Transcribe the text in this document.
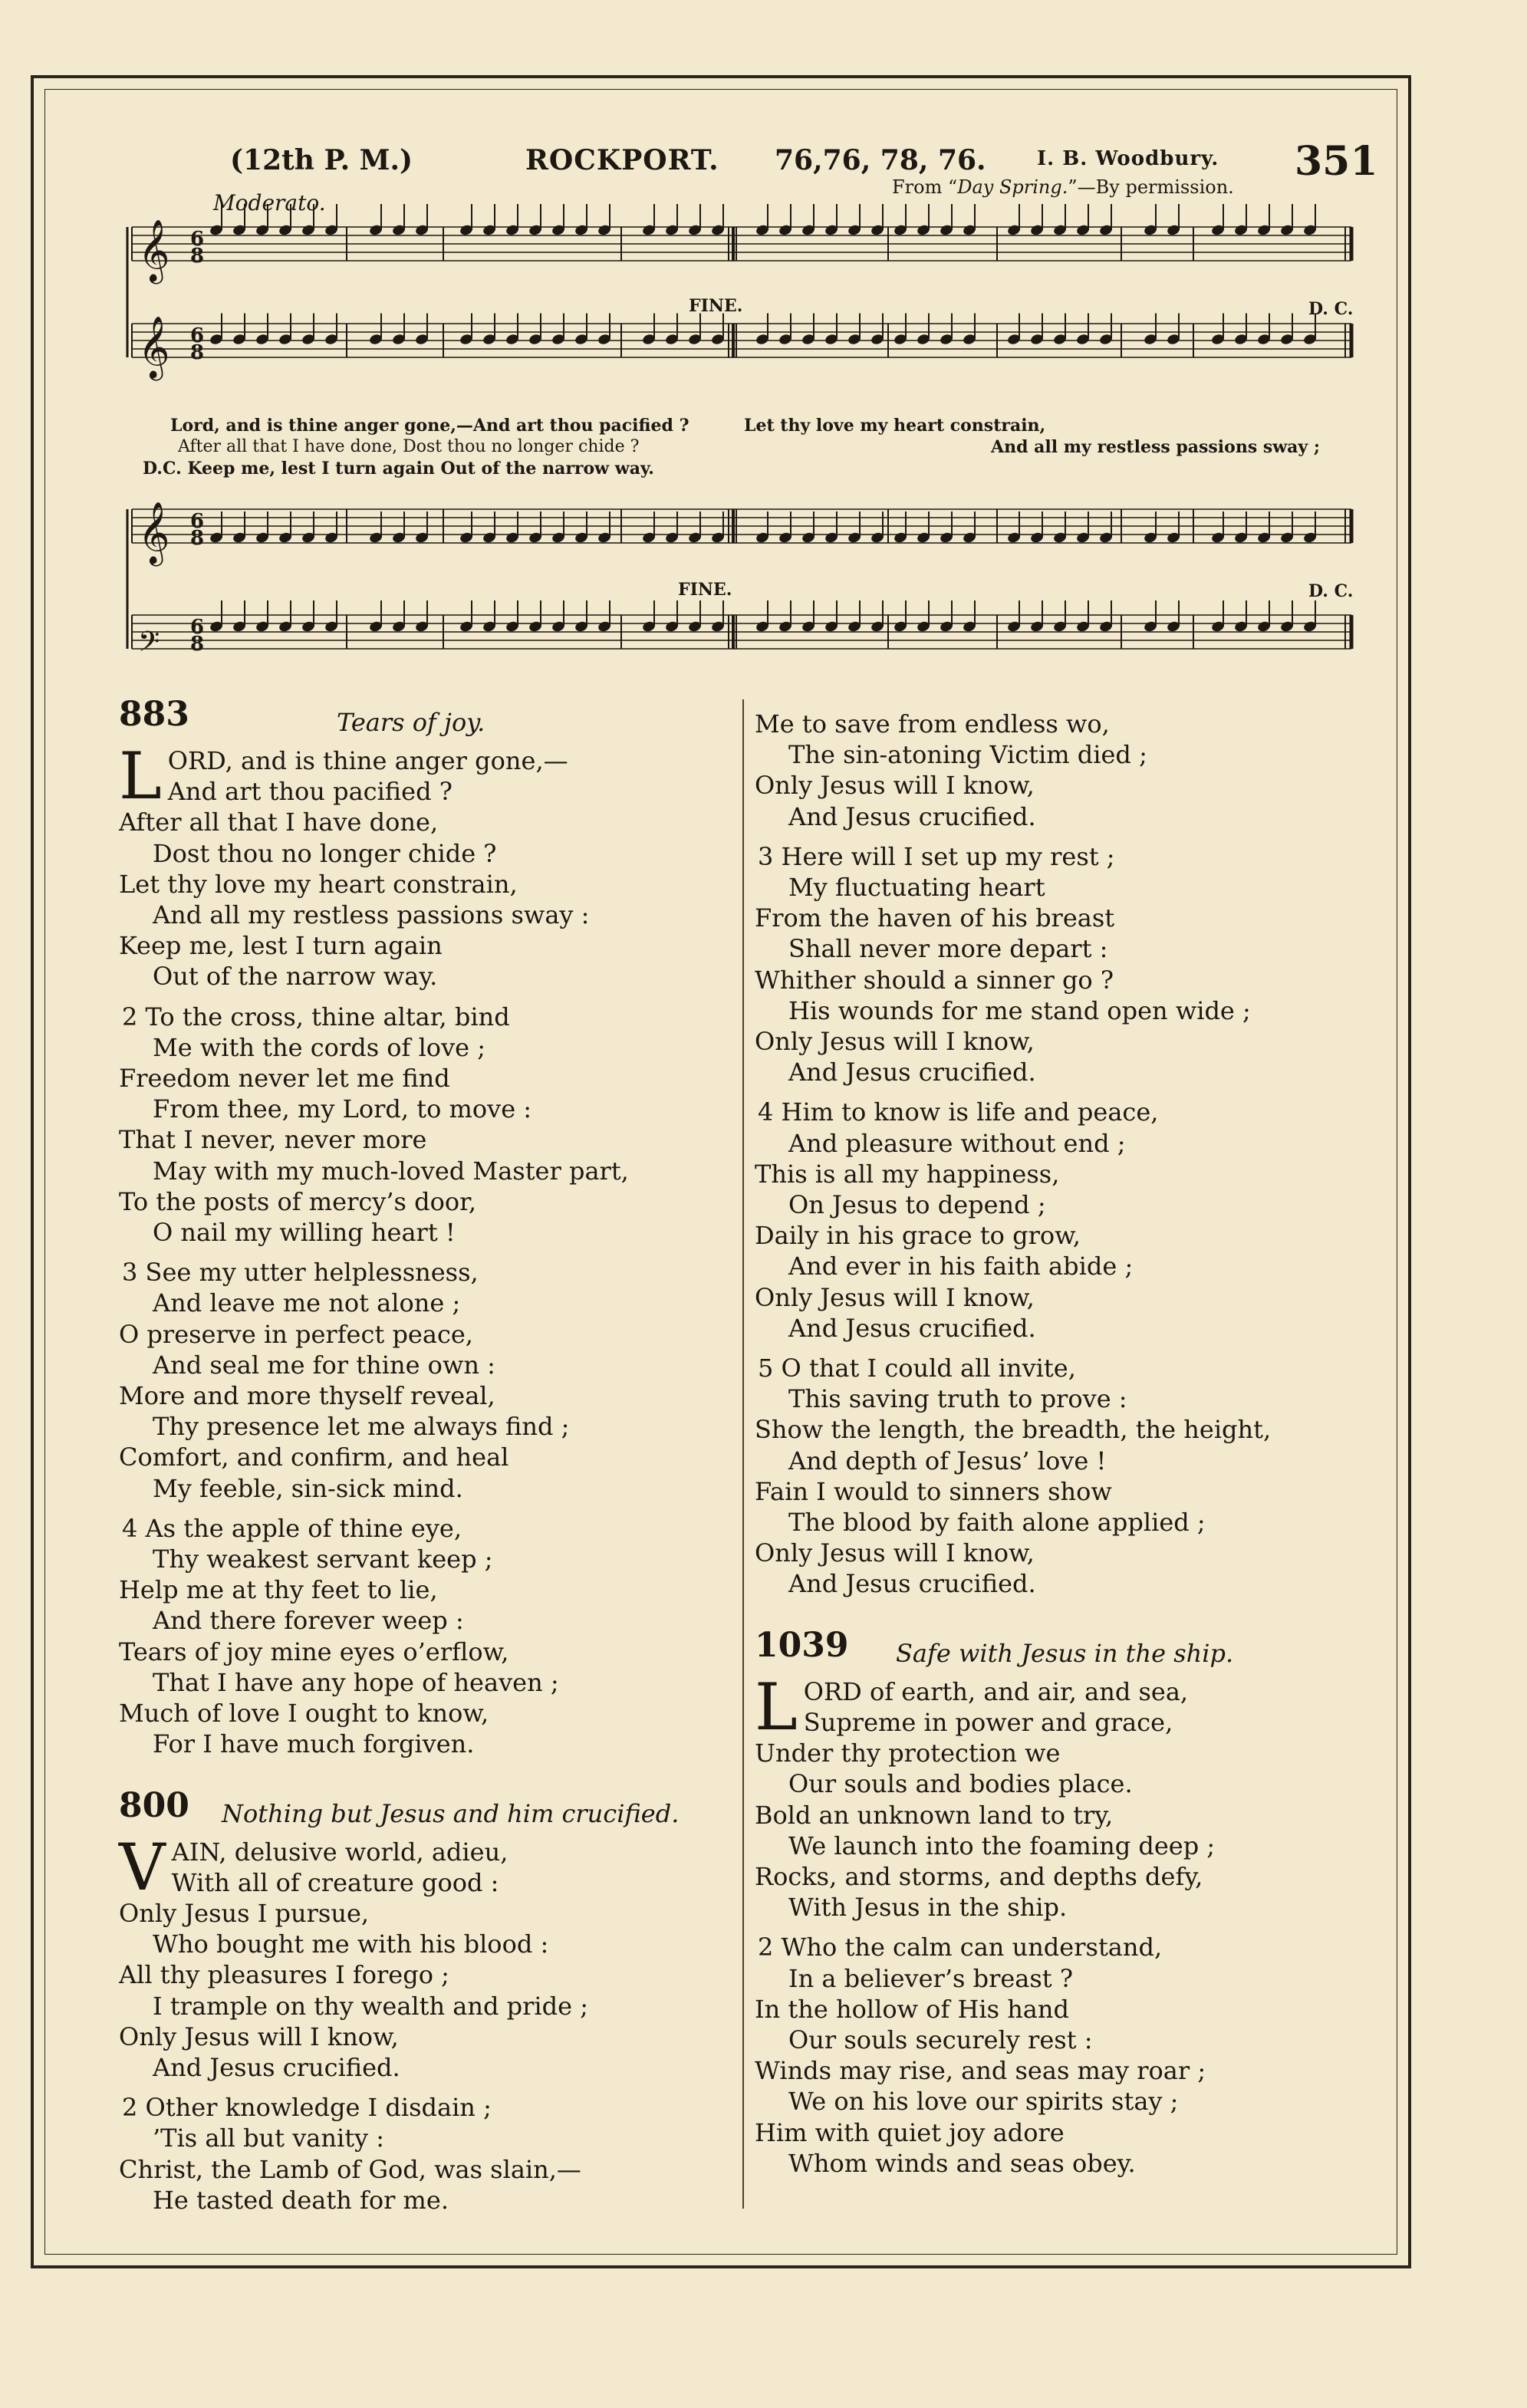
(12th P. M.)	ROCKPORT. 76,76, 78, 76.	I. B. Woodbury.
From “Day Spring.”—By permission.
351
Moderato.
𝄞 6
8
𝄞 6
8
𝄞 6
8
𝄢 6
8
FINE.	D. C.
FINE.	D. C.
Lord, and is thine anger gone,—And art thou pacified ?	Let thy love my heart constrain,
After all that I have done, Dost thou no longer chide ?	And all my restless passions sway ;
D.C. Keep me, lest I turn again Out of the narrow way.
883	Tears of joy.
L ORD, and is thine anger gone,—

And art thou pacified ?

After all that I have done,

Dost thou no longer chide ?

Let thy love my heart constrain,

And all my restless passions sway :

Keep me, lest I turn again

Out of the narrow way.

2 To the cross, thine altar, bind

Me with the cords of love ;

Freedom never let me find

From thee, my Lord, to move :

That I never, never more

May with my much-loved Master part,

To the posts of mercy’s door,

O nail my willing heart !

3 See my utter helplessness,

And leave me not alone ;

O preserve in perfect peace,

And seal me for thine own :

More and more thyself reveal,

Thy presence let me always find ;

Comfort, and confirm, and heal

My feeble, sin-sick mind.

4 As the apple of thine eye,

Thy weakest servant keep ;

Help me at thy feet to lie,

And there forever weep :

Tears of joy mine eyes o’erflow,

That I have any hope of heaven ;

Much of love I ought to know,

For I have much forgiven.

800 Nothing but Jesus and him crucified.
V AIN, delusive world, adieu,

With all of creature good :

Only Jesus I pursue,

Who bought me with his blood :

All thy pleasures I forego ;

I trample on thy wealth and pride ;

Only Jesus will I know,

And Jesus crucified.

2 Other knowledge I disdain ;

’Tis all but vanity :

Christ, the Lamb of God, was slain,—

He tasted death for me.

Me to save from endless wo,

The sin-atoning Victim died ;

Only Jesus will I know,

And Jesus crucified.

3 Here will I set up my rest ;

My fluctuating heart

From the haven of his breast

Shall never more depart :

Whither should a sinner go ?

His wounds for me stand open wide ;

Only Jesus will I know,

And Jesus crucified.

4 Him to know is life and peace,

And pleasure without end ;

This is all my happiness,

On Jesus to depend ;

Daily in his grace to grow,

And ever in his faith abide ;

Only Jesus will I know,

And Jesus crucified.

5 O that I could all invite,

This saving truth to prove :

Show the length, the breadth, the height,

And depth of Jesus’ love !

Fain I would to sinners show

The blood by faith alone applied ;

Only Jesus will I know,

And Jesus crucified.

1039 Safe with Jesus in the ship.
L ORD of earth, and air, and sea,

Supreme in power and grace,

Under thy protection we

Our souls and bodies place.

Bold an unknown land to try,

We launch into the foaming deep ;

Rocks, and storms, and depths defy,

With Jesus in the ship.

2 Who the calm can understand,

In a believer’s breast ?

In the hollow of His hand

Our souls securely rest :

Winds may rise, and seas may roar ;

We on his love our spirits stay ;

Him with quiet joy adore

Whom winds and seas obey.
